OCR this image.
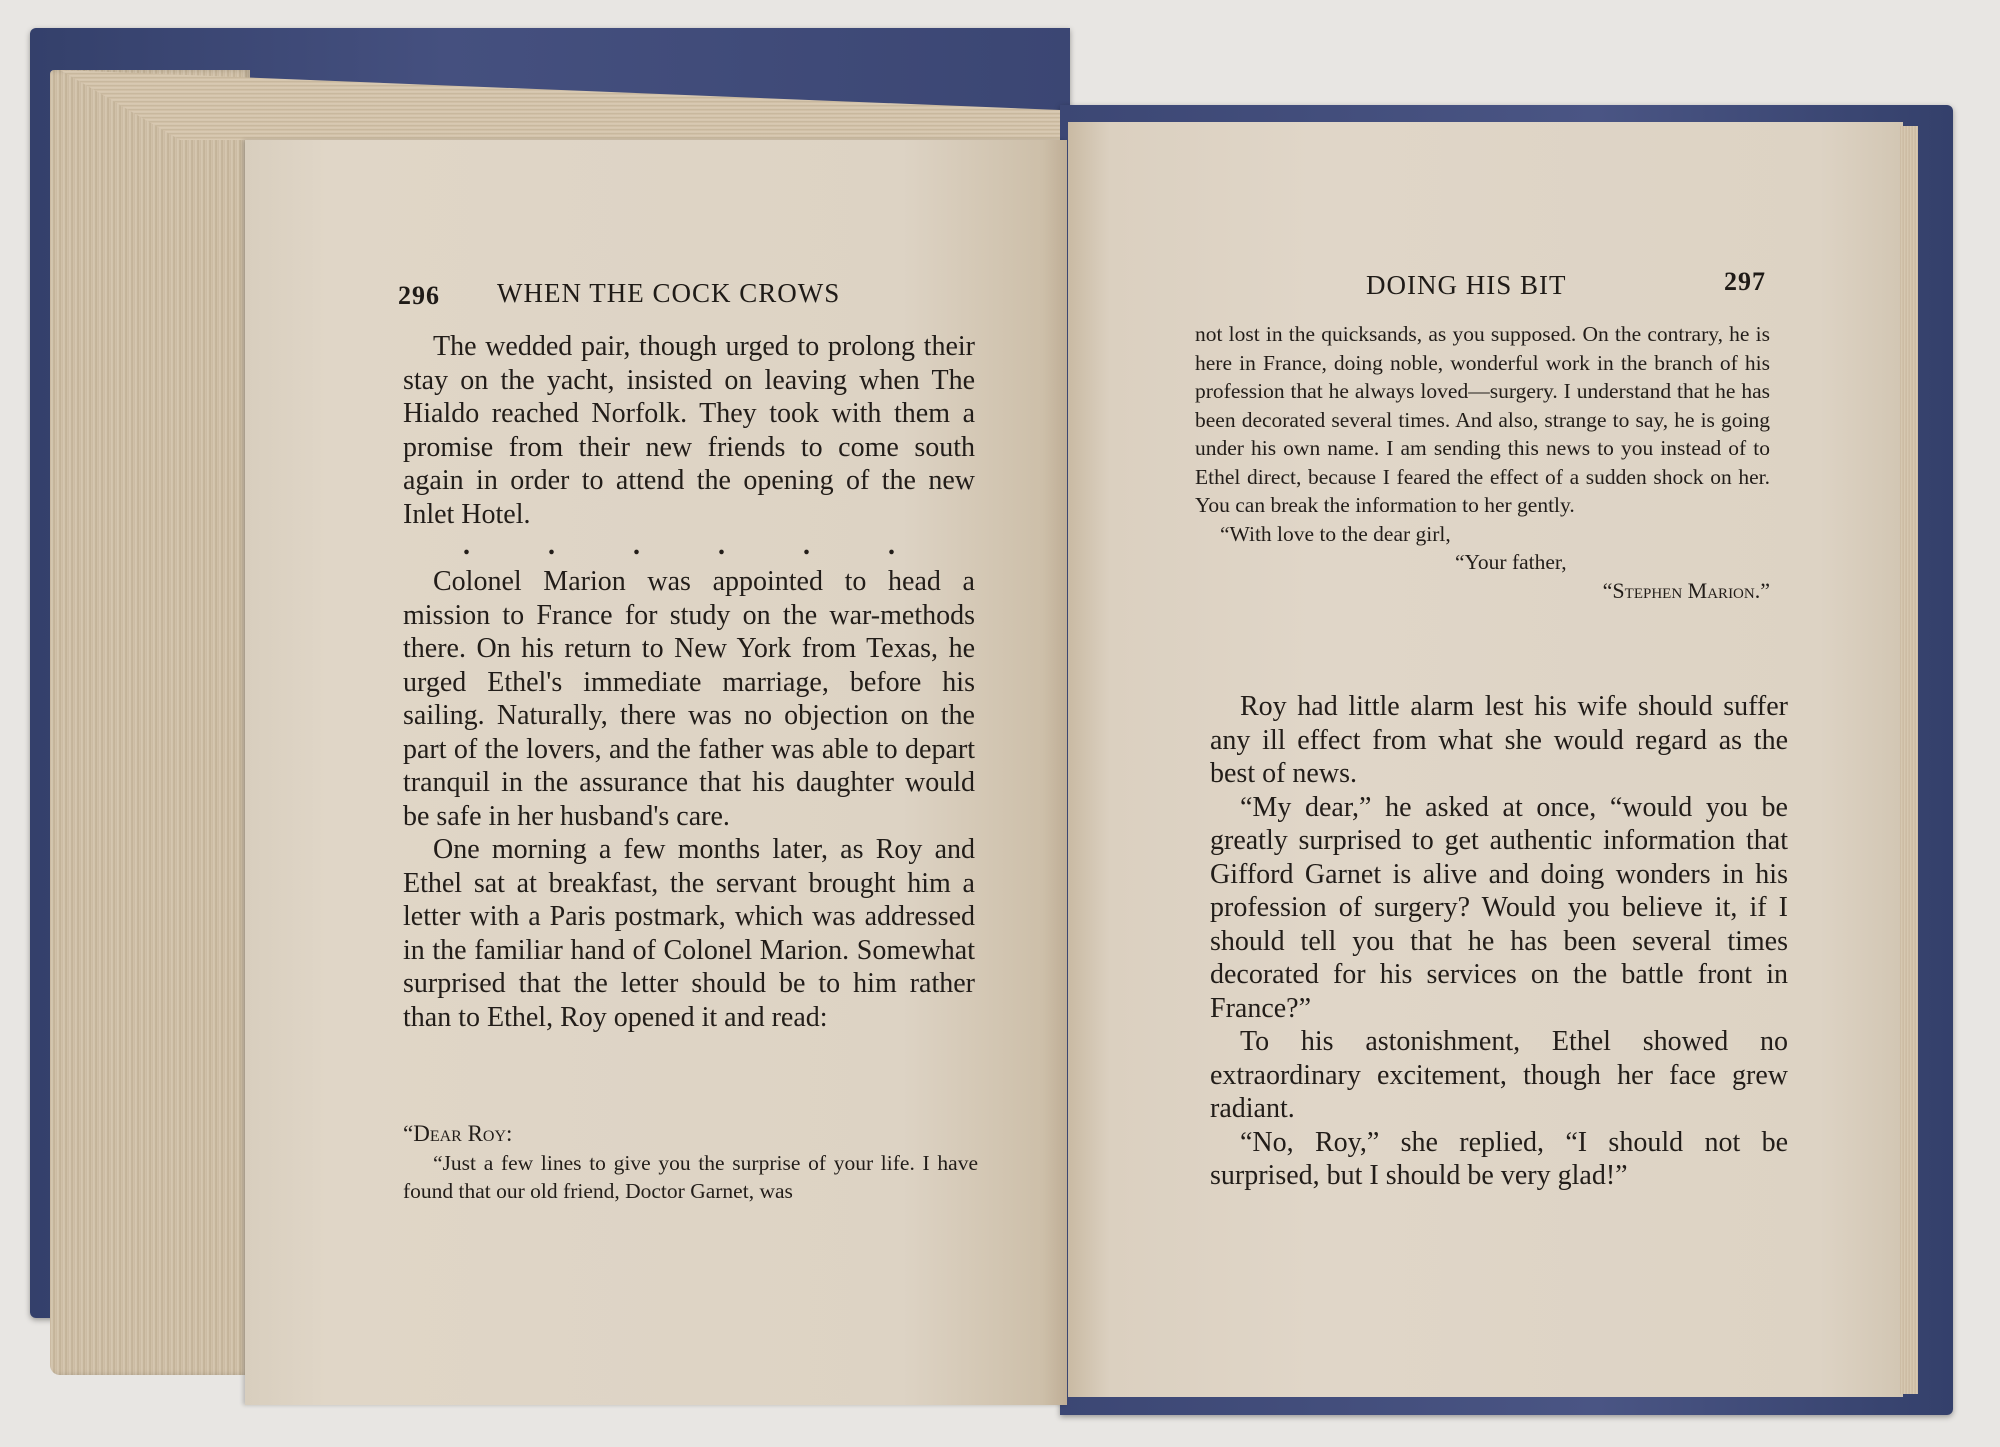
296 WHEN THE COCK CROWS

The wedded pair, though urged to prolong their stay on the yacht, insisted on leaving when The Hialdo reached Norfolk. They took with them a promise from their new friends to come south again in order to attend the opening of the new Inlet Hotel.

.	.	.	.	.	.

Colonel Marion was appointed to head a mission to France for study on the war-methods there. On his return to New York from Texas, he urged Ethel's immediate marriage, before his sailing. Naturally, there was no objection on the part of the lovers, and the father was able to depart tranquil in the assurance that his daughter would be safe in her husband's care.

One morning a few months later, as Roy and Ethel sat at breakfast, the servant brought him a letter with a Paris postmark, which was addressed in the familiar hand of Colonel Marion. Somewhat surprised that the letter should be to him rather than to Ethel, Roy opened it and read:

“Dear Roy:

“Just a few lines to give you the surprise of your life. I have found that our old friend, Doctor Garnet, was

DOING HIS BIT	297

not lost in the quicksands, as you supposed. On the contrary, he is here in France, doing noble, wonderful work in the branch of his profession that he always loved—surgery. I understand that he has been decorated several times. And also, strange to say, he is going under his own name. I am sending this news to you instead of to Ethel direct, because I feared the effect of a sudden shock on her. You can break the information to her gently.

“With love to the dear girl,

“Your father,

“Stephen Marion.”

Roy had little alarm lest his wife should suffer any ill effect from what she would regard as the best of news.

“My dear,” he asked at once, “would you be greatly surprised to get authentic information that Gifford Garnet is alive and doing wonders in his profession of surgery? Would you believe it, if I should tell you that he has been several times decorated for his services on the battle front in France?”

To his astonishment, Ethel showed no extraordinary excitement, though her face grew radiant.

“No, Roy,” she replied, “I should not be surprised, but I should be very glad!”
